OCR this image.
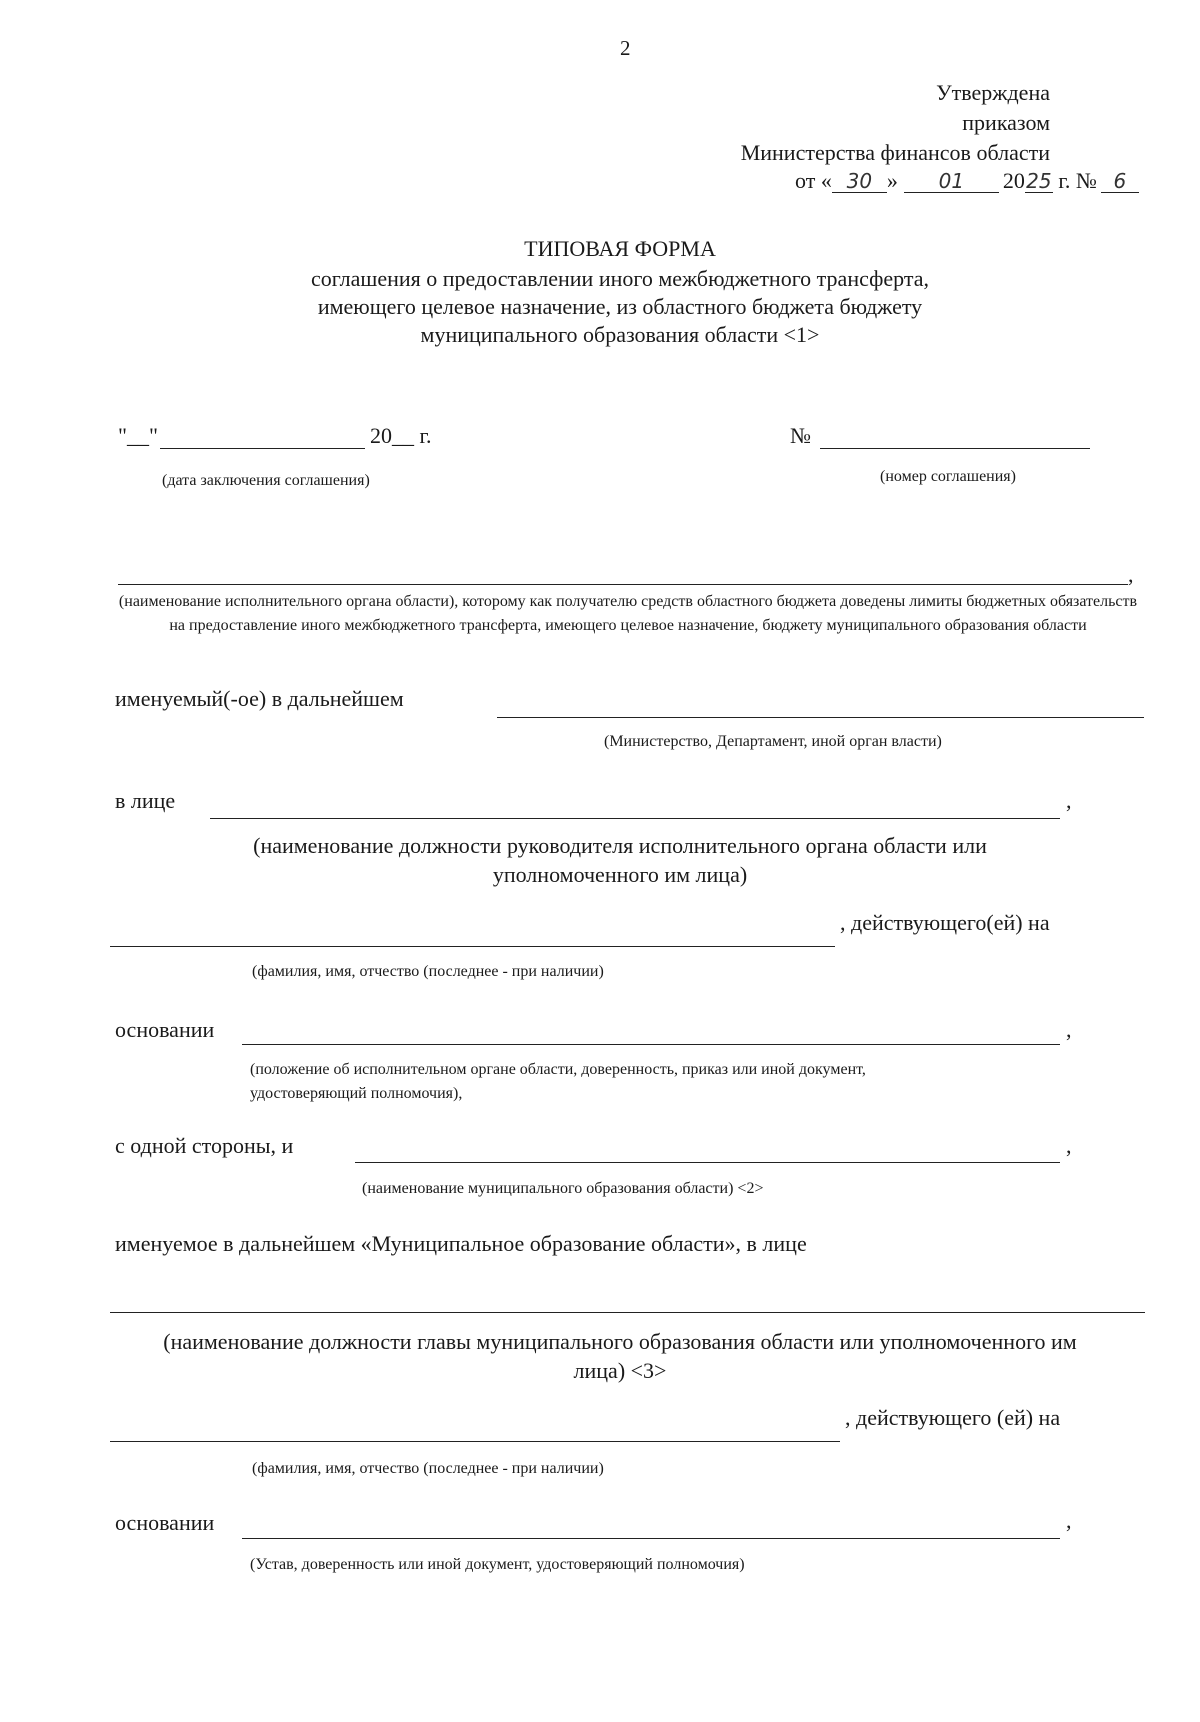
2
Утверждена
приказом
Министерства финансов области
от « 30 » 01 2025 г. № 6
ТИПОВАЯ ФОРМА
соглашения о предоставлении иного межбюджетного трансферта,
имеющего целевое назначение, из областного бюджета бюджету
муниципального образования области <1>
"__"	20__ г.
(дата заключения соглашения)
№
(номер соглашения)
,
(наименование исполнительного органа области), которому как получателю средств областного бюджета доведены лимиты бюджетных обязательств на предоставление иного межбюджетного трансферта, имеющего целевое назначение, бюджету муниципального образования области
именуемый(-ое) в дальнейшем
(Министерство, Департамент, иной орган власти)
в лице	,
(наименование должности руководителя исполнительного органа области или
уполномоченного им лица)
, действующего(ей) на
(фамилия, имя, отчество (последнее - при наличии)
основании	,
(положение об исполнительном органе области, доверенность, приказ или иной документ,
удостоверяющий полномочия),
с одной стороны, и	,
(наименование муниципального образования области) <2>
именуемое в дальнейшем «Муниципальное образование области», в лице
(наименование должности главы муниципального образования области или уполномоченного им
лица) <3>
, действующего (ей) на
(фамилия, имя, отчество (последнее - при наличии)
основании	,
(Устав, доверенность или иной документ, удостоверяющий полномочия)
